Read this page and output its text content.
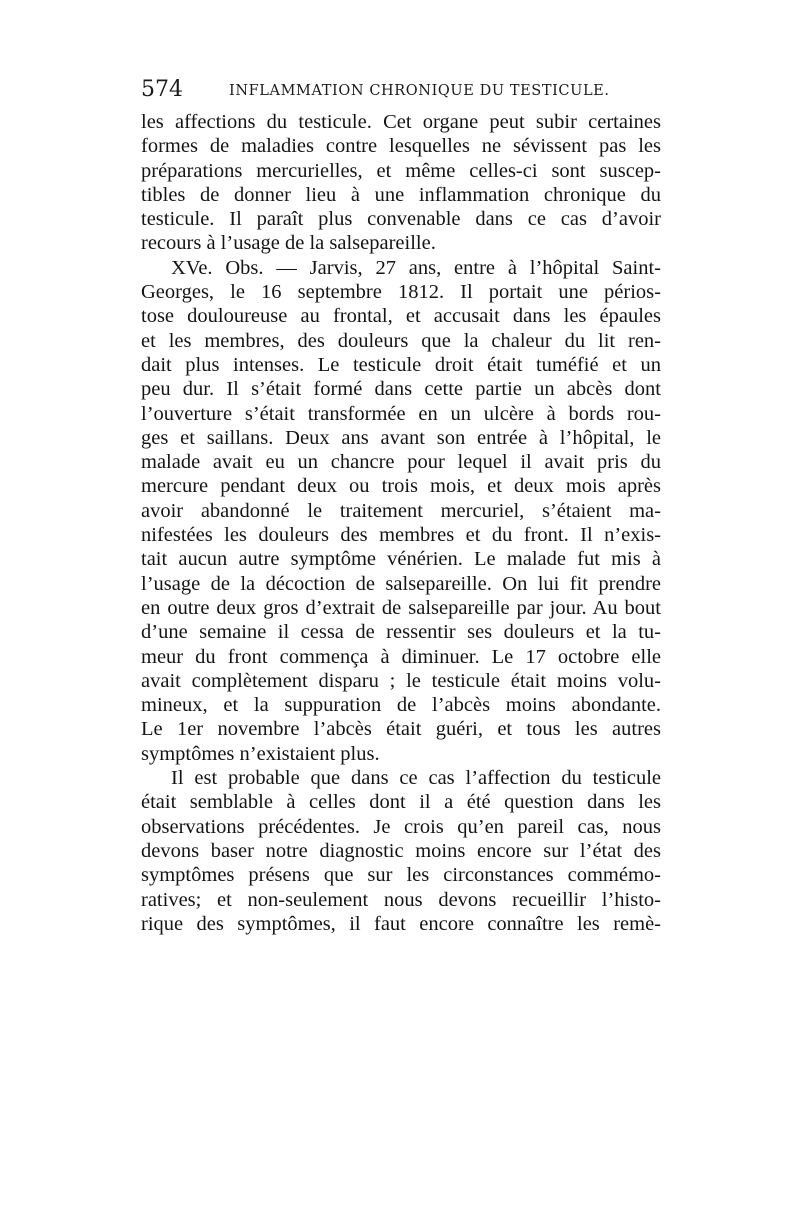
574	INFLAMMATION CHRONIQUE DU TESTICULE.
les affections du testicule. Cet organe peut subir certaines
formes de maladies contre lesquelles ne sévissent pas les
préparations mercurielles, et même celles-ci sont suscep-
tibles de donner lieu à une inflammation chronique du
testicule. Il paraît plus convenable dans ce cas d’avoir
recours à l’usage de la salsepareille.
XVe. Obs. — Jarvis, 27 ans, entre à l’hôpital Saint-
Georges, le 16 septembre 1812. Il portait une périos-
tose douloureuse au frontal, et accusait dans les épaules
et les membres, des douleurs que la chaleur du lit ren-
dait plus intenses. Le testicule droit était tuméfié et un
peu dur. Il s’était formé dans cette partie un abcès dont
l’ouverture s’était transformée en un ulcère à bords rou-
ges et saillans. Deux ans avant son entrée à l’hôpital, le
malade avait eu un chancre pour lequel il avait pris du
mercure pendant deux ou trois mois, et deux mois après
avoir abandonné le traitement mercuriel, s’étaient ma-
nifestées les douleurs des membres et du front. Il n’exis-
tait aucun autre symptôme vénérien. Le malade fut mis à
l’usage de la décoction de salsepareille. On lui fit prendre
en outre deux gros d’extrait de salsepareille par jour. Au bout
d’une semaine il cessa de ressentir ses douleurs et la tu-
meur du front commença à diminuer. Le 17 octobre elle
avait complètement disparu ; le testicule était moins volu-
mineux, et la suppuration de l’abcès moins abondante.
Le 1er novembre l’abcès était guéri, et tous les autres
symptômes n’existaient plus.
Il est probable que dans ce cas l’affection du testicule
était semblable à celles dont il a été question dans les
observations précédentes. Je crois qu’en pareil cas, nous
devons baser notre diagnostic moins encore sur l’état des
symptômes présens que sur les circonstances commémo-
ratives; et non-seulement nous devons recueillir l’histo-
rique des symptômes, il faut encore connaître les remè-
